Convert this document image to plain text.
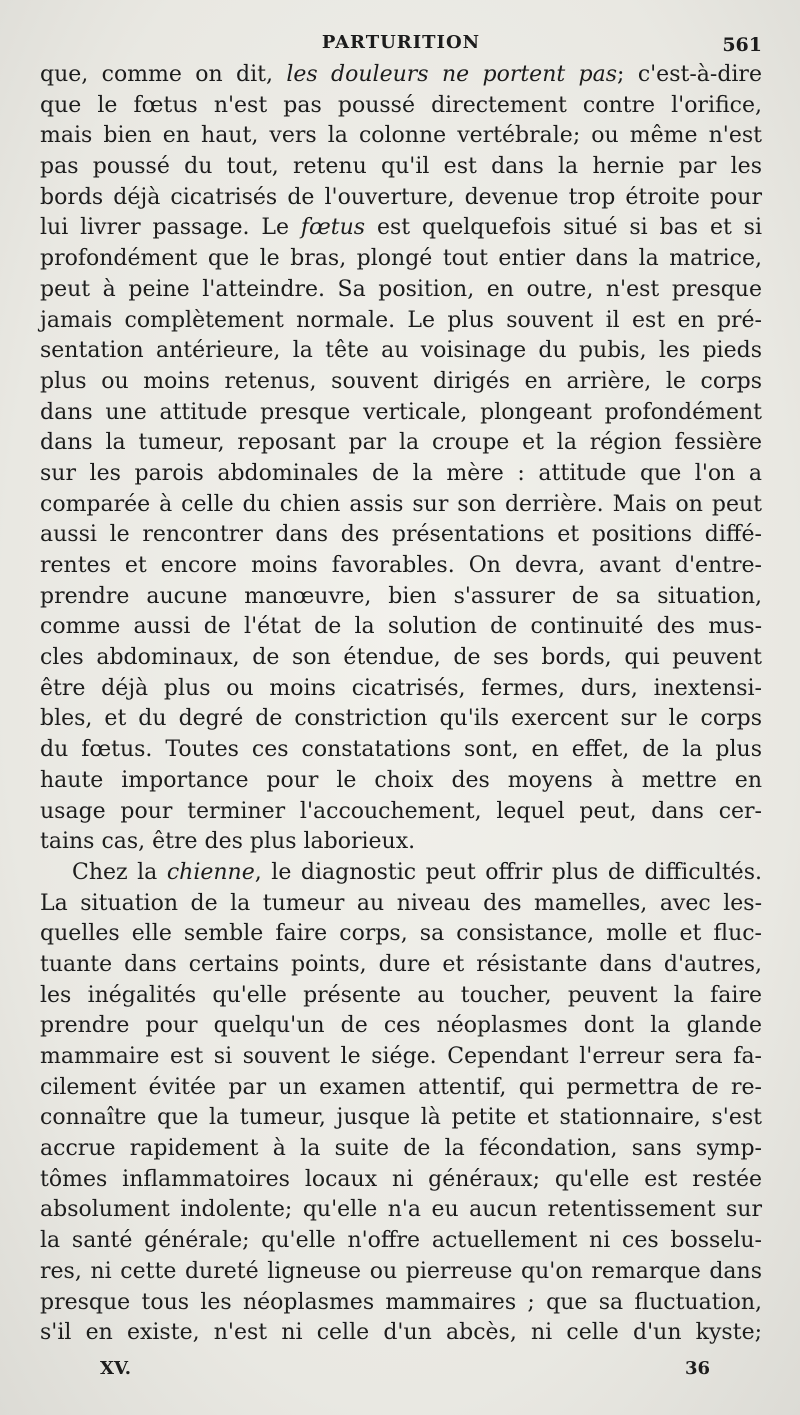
PARTURITION	561
que, comme on dit, les douleurs ne portent pas; c'est-à-dire
que le fœtus n'est pas poussé directement contre l'orifice,
mais bien en haut, vers la colonne vertébrale; ou même n'est
pas poussé du tout, retenu qu'il est dans la hernie par les
bords déjà cicatrisés de l'ouverture, devenue trop étroite pour
lui livrer passage. Le fœtus est quelquefois situé si bas et si
profondément que le bras, plongé tout entier dans la matrice,
peut à peine l'atteindre. Sa position, en outre, n'est presque
jamais complètement normale. Le plus souvent il est en pré-
sentation antérieure, la tête au voisinage du pubis, les pieds
plus ou moins retenus, souvent dirigés en arrière, le corps
dans une attitude presque verticale, plongeant profondément
dans la tumeur, reposant par la croupe et la région fessière
sur les parois abdominales de la mère : attitude que l'on a
comparée à celle du chien assis sur son derrière. Mais on peut
aussi le rencontrer dans des présentations et positions diffé-
rentes et encore moins favorables. On devra, avant d'entre-
prendre aucune manœuvre, bien s'assurer de sa situation,
comme aussi de l'état de la solution de continuité des mus-
cles abdominaux, de son étendue, de ses bords, qui peuvent
être déjà plus ou moins cicatrisés, fermes, durs, inextensi-
bles, et du degré de constriction qu'ils exercent sur le corps
du fœtus. Toutes ces constatations sont, en effet, de la plus
haute importance pour le choix des moyens à mettre en
usage pour terminer l'accouchement, lequel peut, dans cer-
tains cas, être des plus laborieux.
Chez la chienne, le diagnostic peut offrir plus de difficultés.
La situation de la tumeur au niveau des mamelles, avec les-
quelles elle semble faire corps, sa consistance, molle et fluc-
tuante dans certains points, dure et résistante dans d'autres,
les inégalités qu'elle présente au toucher, peuvent la faire
prendre pour quelqu'un de ces néoplasmes dont la glande
mammaire est si souvent le siége. Cependant l'erreur sera fa-
cilement évitée par un examen attentif, qui permettra de re-
connaître que la tumeur, jusque là petite et stationnaire, s'est
accrue rapidement à la suite de la fécondation, sans symp-
tômes inflammatoires locaux ni généraux; qu'elle est restée
absolument indolente; qu'elle n'a eu aucun retentissement sur
la santé générale; qu'elle n'offre actuellement ni ces bosselu-
res, ni cette dureté ligneuse ou pierreuse qu'on remarque dans
presque tous les néoplasmes mammaires ; que sa fluctuation,
s'il en existe, n'est ni celle d'un abcès, ni celle d'un kyste;
XV.	36
